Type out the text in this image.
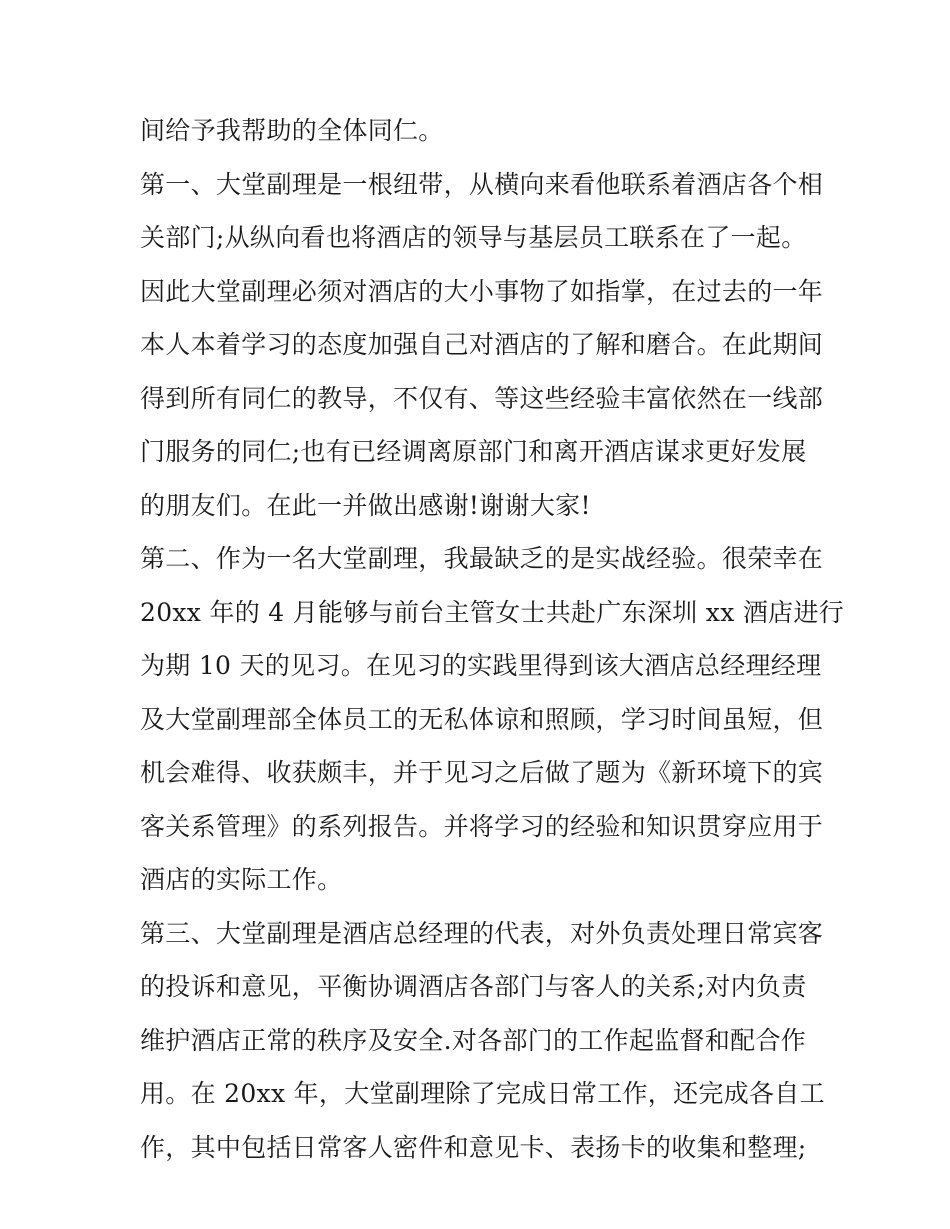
间给予我帮助的全体同仁。
第一、大堂副理是一根纽带，从横向来看他联系着酒店各个相
关部门;从纵向看也将酒店的领导与基层员工联系在了一起。
因此大堂副理必须对酒店的大小事物了如指掌，在过去的一年
本人本着学习的态度加强自己对酒店的了解和磨合。在此期间
得到所有同仁的教导，不仅有、等这些经验丰富依然在一线部
门服务的同仁;也有已经调离原部门和离开酒店谋求更好发展
的朋友们。在此一并做出感谢!谢谢大家!
第二、作为一名大堂副理，我最缺乏的是实战经验。很荣幸在
20xx 年的 4 月能够与前台主管女士共赴广东深圳 xx 酒店进行
为期 10 天的见习。在见习的实践里得到该大酒店总经理经理
及大堂副理部全体员工的无私体谅和照顾，学习时间虽短，但
机会难得、收获颇丰，并于见习之后做了题为《新环境下的宾
客关系管理》的系列报告。并将学习的经验和知识贯穿应用于
酒店的实际工作。
第三、大堂副理是酒店总经理的代表，对外负责处理日常宾客
的投诉和意见，平衡协调酒店各部门与客人的关系;对内负责
维护酒店正常的秩序及安全.对各部门的工作起监督和配合作
用。在 20xx 年，大堂副理除了完成日常工作，还完成各自工
作，其中包括日常客人密件和意见卡、表扬卡的收集和整理;
